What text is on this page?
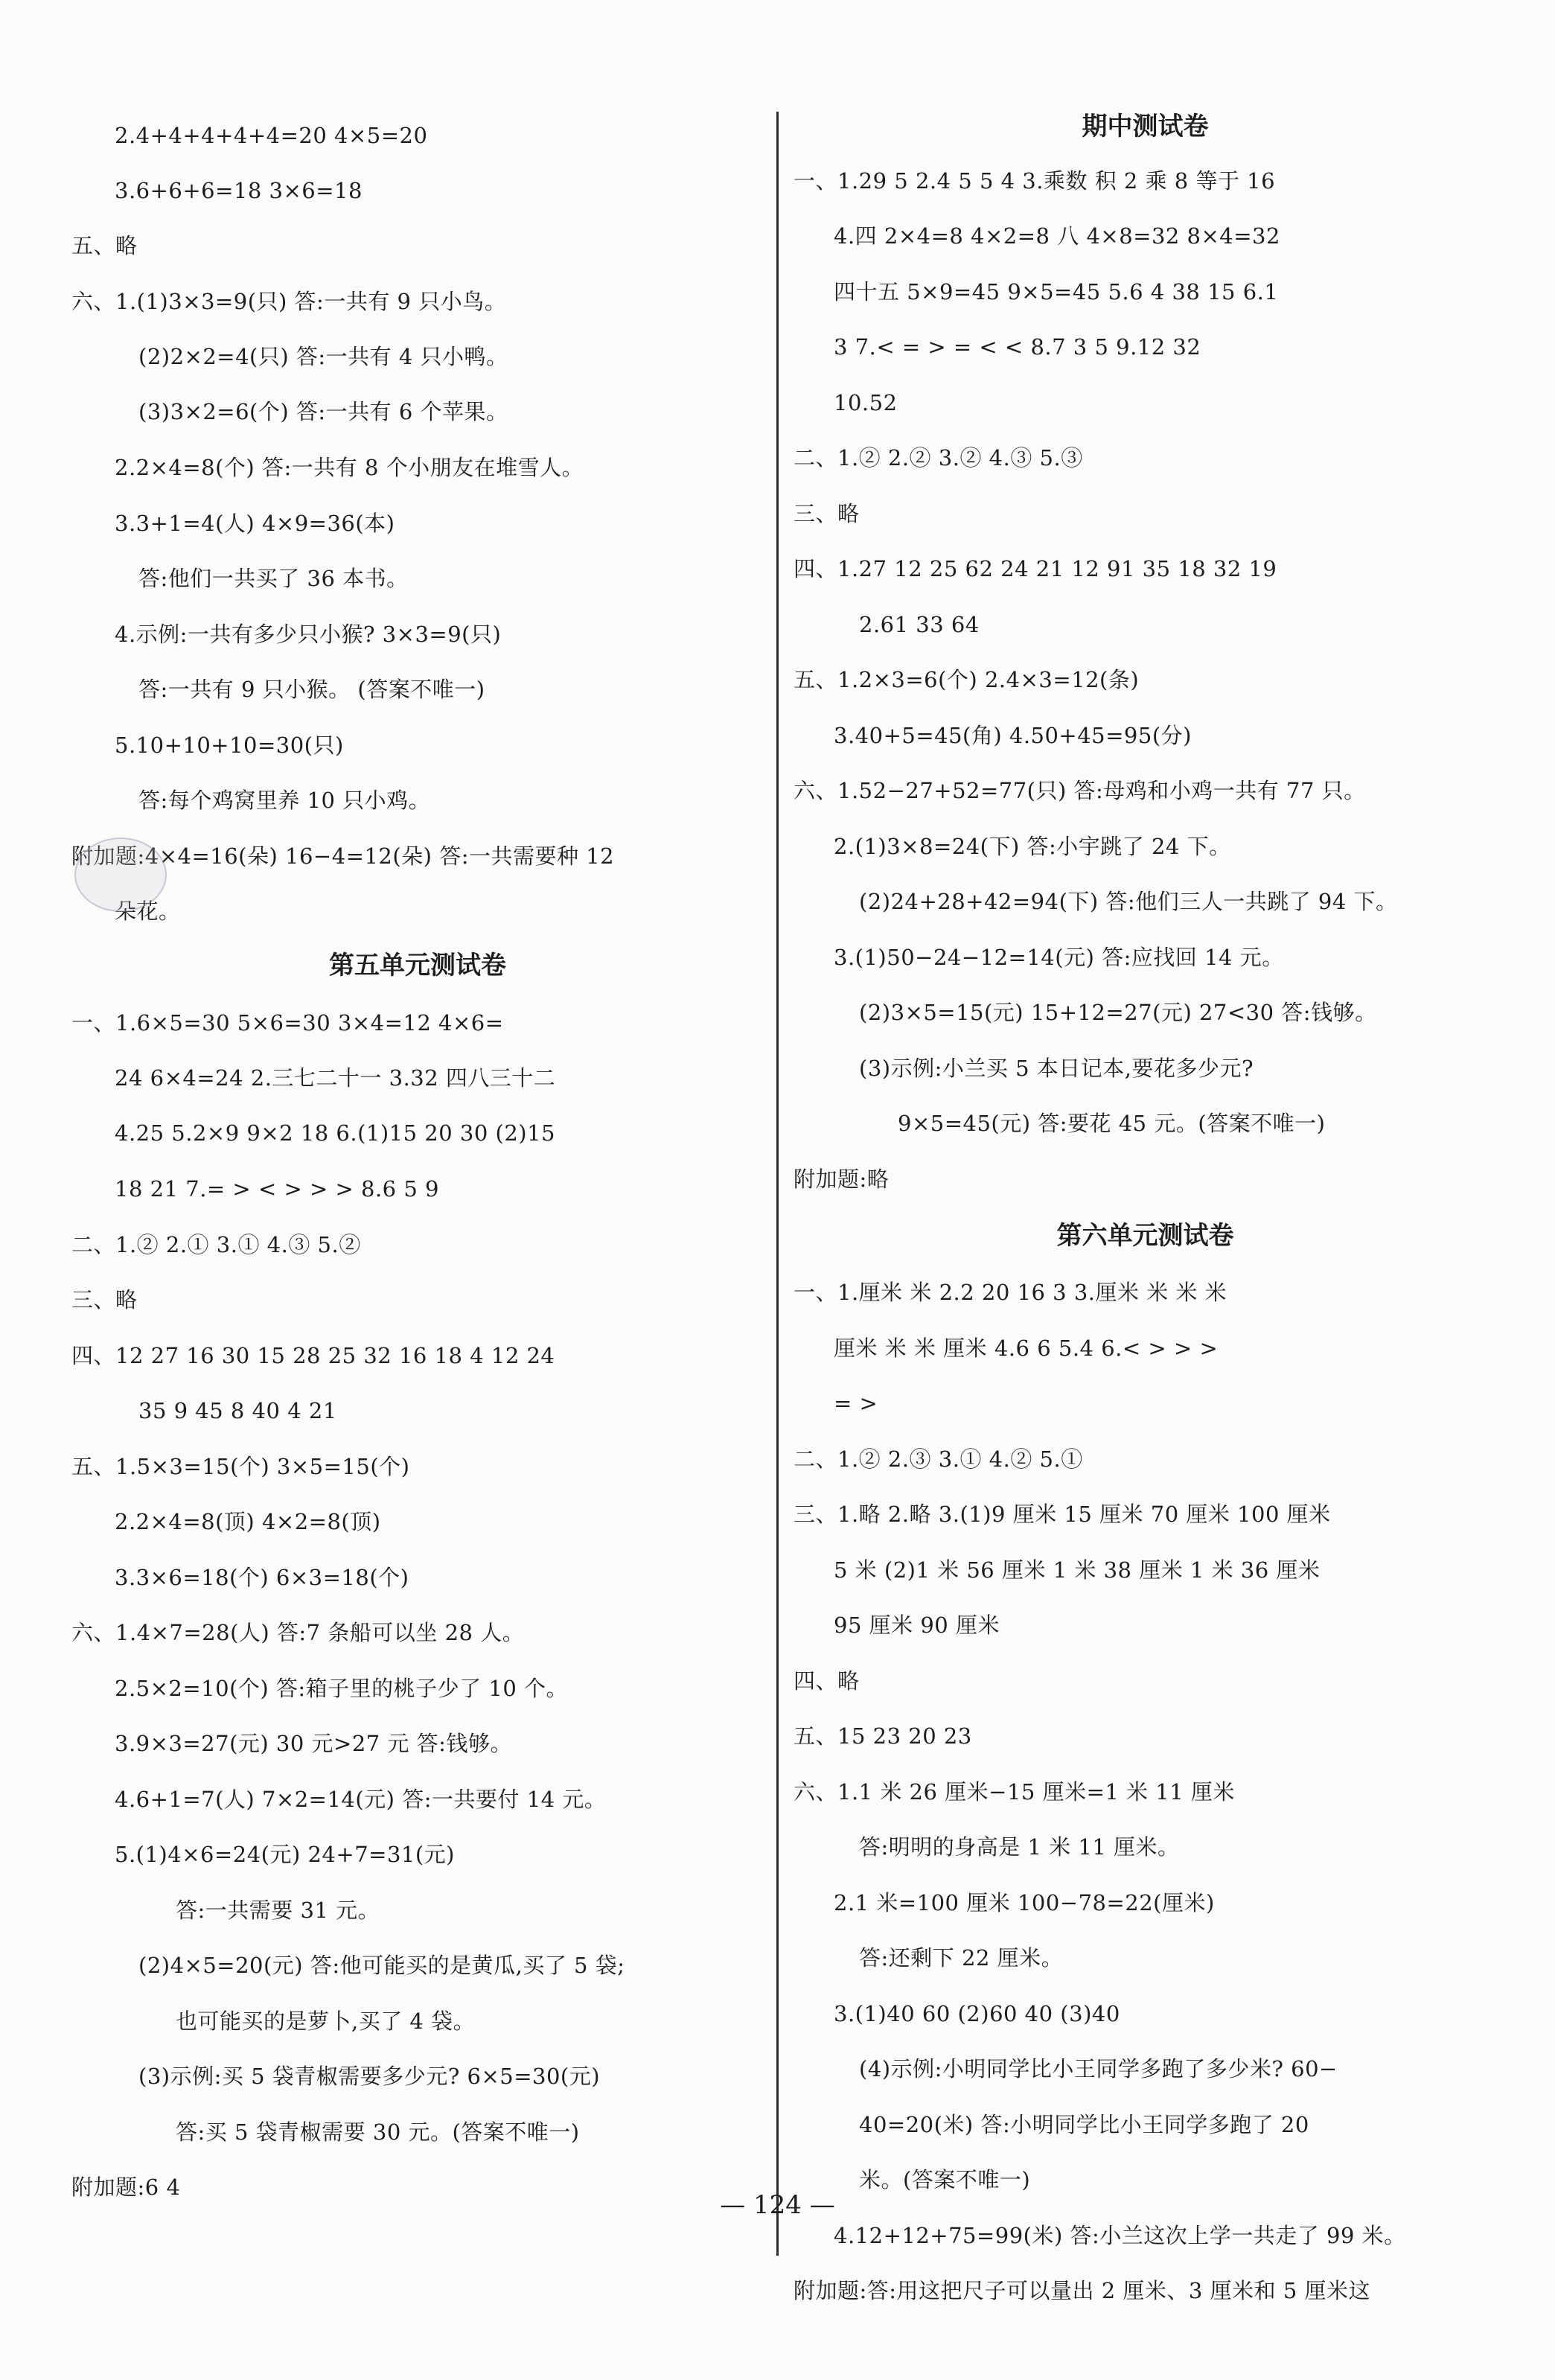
2.4+4+4+4+4=20 4×5=20
3.6+6+6=18 3×6=18
五、略
六、1.(1)3×3=9(只) 答:一共有 9 只小鸟。
(2)2×2=4(只) 答:一共有 4 只小鸭。
(3)3×2=6(个) 答:一共有 6 个苹果。
2.2×4=8(个) 答:一共有 8 个小朋友在堆雪人。
3.3+1=4(人) 4×9=36(本)
答:他们一共买了 36 本书。
4.示例:一共有多少只小猴? 3×3=9(只)
答:一共有 9 只小猴。 (答案不唯一)
5.10+10+10=30(只)
答:每个鸡窝里养 10 只小鸡。
附加题:4×4=16(朵) 16−4=12(朵) 答:一共需要种 12
朵花。
第五单元测试卷
一、1.6×5=30 5×6=30 3×4=12 4×6=
24 6×4=24 2.三七二十一 3.32 四八三十二
4.25 5.2×9 9×2 18 6.(1)15 20 30 (2)15
18 21 7.= > < > > > 8.6 5 9
二、1.② 2.① 3.① 4.③ 5.②
三、略
四、12 27 16 30 15 28 25 32 16 18 4 12 24
35 9 45 8 40 4 21
五、1.5×3=15(个) 3×5=15(个)
2.2×4=8(顶) 4×2=8(顶)
3.3×6=18(个) 6×3=18(个)
六、1.4×7=28(人) 答:7 条船可以坐 28 人。
2.5×2=10(个) 答:箱子里的桃子少了 10 个。
3.9×3=27(元) 30 元>27 元 答:钱够。
4.6+1=7(人) 7×2=14(元) 答:一共要付 14 元。
5.(1)4×6=24(元) 24+7=31(元)
答:一共需要 31 元。
(2)4×5=20(元) 答:他可能买的是黄瓜,买了 5 袋;
也可能买的是萝卜,买了 4 袋。
(3)示例:买 5 袋青椒需要多少元? 6×5=30(元)
答:买 5 袋青椒需要 30 元。(答案不唯一)
附加题:6 4
期中测试卷
一、1.29 5 2.4 5 5 4 3.乘数 积 2 乘 8 等于 16
4.四 2×4=8 4×2=8 八 4×8=32 8×4=32
四十五 5×9=45 9×5=45 5.6 4 38 15 6.1
3 7.< = > = < < 8.7 3 5 9.12 32
10.52
二、1.② 2.② 3.② 4.③ 5.③
三、略
四、1.27 12 25 62 24 21 12 91 35 18 32 19
2.61 33 64
五、1.2×3=6(个) 2.4×3=12(条)
3.40+5=45(角) 4.50+45=95(分)
六、1.52−27+52=77(只) 答:母鸡和小鸡一共有 77 只。
2.(1)3×8=24(下) 答:小宇跳了 24 下。
(2)24+28+42=94(下) 答:他们三人一共跳了 94 下。
3.(1)50−24−12=14(元) 答:应找回 14 元。
(2)3×5=15(元) 15+12=27(元) 27<30 答:钱够。
(3)示例:小兰买 5 本日记本,要花多少元?
9×5=45(元) 答:要花 45 元。(答案不唯一)
附加题:略
第六单元测试卷
一、1.厘米 米 2.2 20 16 3 3.厘米 米 米 米
厘米 米 米 厘米 4.6 6 5.4 6.< > > >
= >
二、1.② 2.③ 3.① 4.② 5.①
三、1.略 2.略 3.(1)9 厘米 15 厘米 70 厘米 100 厘米
5 米 (2)1 米 56 厘米 1 米 38 厘米 1 米 36 厘米
95 厘米 90 厘米
四、略
五、15 23 20 23
六、1.1 米 26 厘米−15 厘米=1 米 11 厘米
答:明明的身高是 1 米 11 厘米。
2.1 米=100 厘米 100−78=22(厘米)
答:还剩下 22 厘米。
3.(1)40 60 (2)60 40 (3)40
(4)示例:小明同学比小王同学多跑了多少米? 60−
40=20(米) 答:小明同学比小王同学多跑了 20
米。(答案不唯一)
4.12+12+75=99(米) 答:小兰这次上学一共走了 99 米。
附加题:答:用这把尺子可以量出 2 厘米、3 厘米和 5 厘米这
— 124 —
